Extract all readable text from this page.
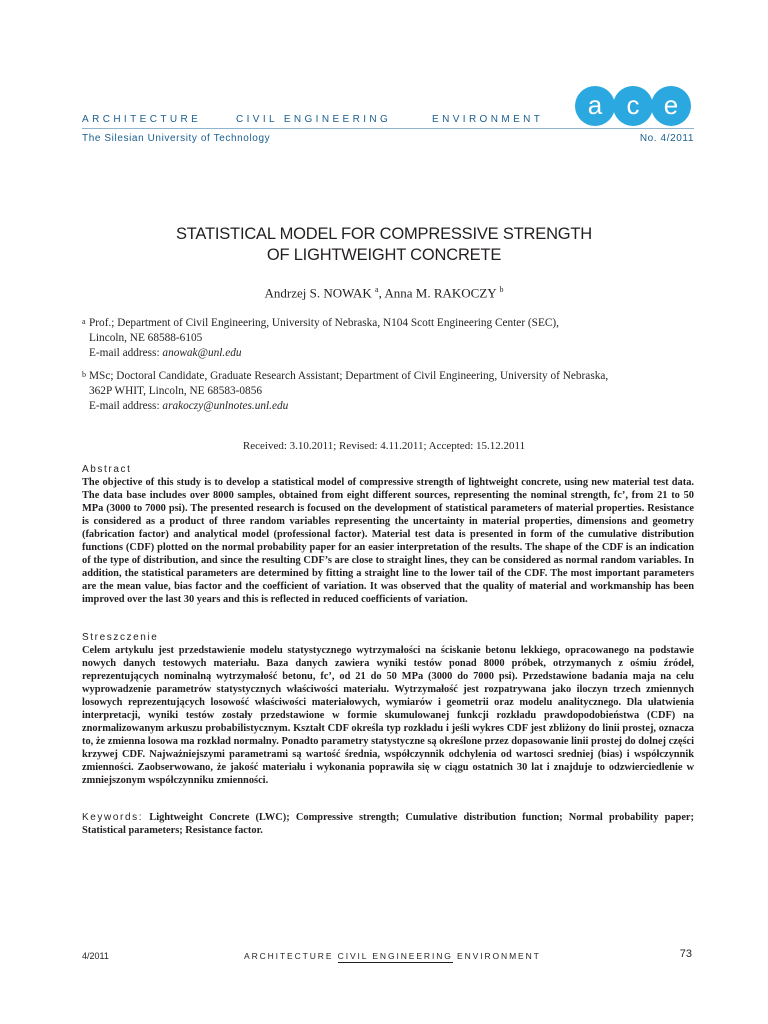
ARCHITECTURE	CIVIL ENGINEERING	ENVIRONMENT a c e
The Silesian University of Technology	No. 4/2011
STATISTICAL MODEL FOR COMPRESSIVE STRENGTH
OF LIGHTWEIGHT CONCRETE
Andrzej S. NOWAK $^a$, Anna M. RAKOCZY $^b$
a Prof.; Department of Civil Engineering, University of Nebraska, N104 Scott Engineering Center (SEC),
Lincoln, NE 68588-6105
E-mail address: anowak@unl.edu
b MSc; Doctoral Candidate, Graduate Research Assistant; Department of Civil Engineering, University of Nebraska,
362P WHIT, Lincoln, NE 68583-0856
E-mail address: arakoczy@unlnotes.unl.edu
Received: 3.10.2011; Revised: 4.11.2011; Accepted: 15.12.2011
Abstract
The objective of this study is to develop a statistical model of compressive strength of lightweight concrete, using new material test data. The data base includes over 8000 samples, obtained from eight different sources, representing the nominal strength, fc’, from 21 to 50 MPa (3000 to 7000 psi). The presented research is focused on the development of statistical parameters of material properties. Resistance is considered as a product of three random variables representing the uncertainty in material properties, dimensions and geometry (fabrication factor) and analytical model (professional factor). Material test data is presented in form of the cumulative distribution functions (CDF) plotted on the normal probability paper for an easier interpretation of the results. The shape of the CDF is an indication of the type of distribution, and since the resulting CDF’s are close to straight lines, they can be considered as normal random variables. In addition, the statistical parameters are determined by fitting a straight line to the lower tail of the CDF. The most important parameters are the mean value, bias factor and the coefficient of variation. It was observed that the quality of material and workmanship has been improved over the last 30 years and this is reflected in reduced coefficients of variation.
Streszczenie
Celem artykulu jest przedstawienie modelu statystycznego wytrzymałości na ściskanie betonu lekkiego, opracowanego na podstawie nowych danych testowych materiału. Baza danych zawiera wyniki testów ponad 8000 próbek, otrzymanych z ośmiu źródeł, reprezentujących nominalną wytrzymałość betonu, fc’, od 21 do 50 MPa (3000 do 7000 psi). Przedstawione badania maja na celu wyprowadzenie parametrów statystycznych właściwości materiału. Wytrzymałość jest rozpatrywana jako iloczyn trzech zmiennych losowych reprezentujących losowość właściwości materiałowych, wymiarów i geometrii oraz modelu analitycznego. Dla ułatwienia interpretacji, wyniki testów zostały przedstawione w formie skumulowanej funkcji rozkładu prawdopodobieństwa (CDF) na znormalizowanym arkuszu probabilistycznym. Kształt CDF określa typ rozkładu i jeśli wykres CDF jest zbliżony do linii prostej, oznacza to, że zmienna losowa ma rozkład normalny. Ponadto parametry statystyczne są określone przez dopasowanie linii prostej do dolnej części krzywej CDF. Najważniejszymi parametrami są wartość średnia, współczynnik odchylenia od wartosci sredniej (bias) i współczynnik zmienności. Zaobserwowano, że jakość materiału i wykonania poprawiła się w ciągu ostatnich 30 lat i znajduje to odzwierciedlenie w zmniejszonym współczynniku zmienności.
Keywords: Lightweight Concrete (LWC); Compressive strength; Cumulative distribution function; Normal probability paper; Statistical parameters; Resistance factor.
4/2011	ARCHITECTURE CIVIL ENGINEERING ENVIRONMENT	73
